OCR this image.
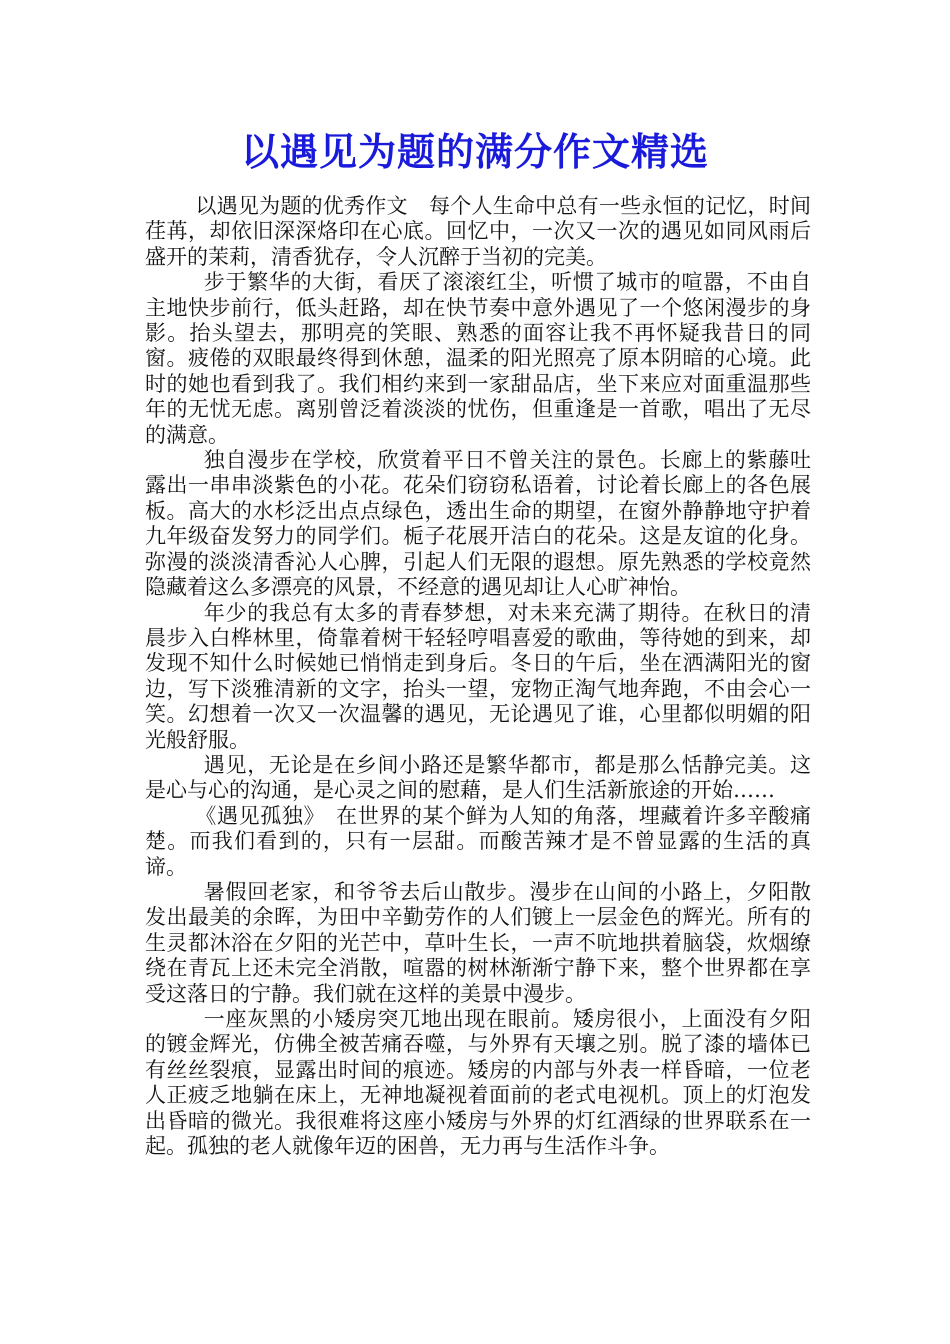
以遇见为题的满分作文精选

以遇见为题的优秀作文　每个人生命中总有一些永恒的记忆，时间荏苒，却依旧深深烙印在心底。回忆中，一次又一次的遇见如同风雨后盛开的茉莉，清香犹存，令人沉醉于当初的完美。

步于繁华的大街，看厌了滚滚红尘，听惯了城市的喧嚣，不由自主地快步前行，低头赶路，却在快节奏中意外遇见了一个悠闲漫步的身影。抬头望去，那明亮的笑眼、熟悉的面容让我不再怀疑我昔日的同窗。疲倦的双眼最终得到休憩，温柔的阳光照亮了原本阴暗的心境。此时的她也看到我了。我们相约来到一家甜品店，坐下来应对面重温那些年的无忧无虑。离别曾泛着淡淡的忧伤，但重逢是一首歌，唱出了无尽的满意。

独自漫步在学校，欣赏着平日不曾关注的景色。长廊上的紫藤吐露出一串串淡紫色的小花。花朵们窃窃私语着，讨论着长廊上的各色展板。高大的水杉泛出点点绿色，透出生命的期望，在窗外静静地守护着九年级奋发努力的同学们。栀子花展开洁白的花朵。这是友谊的化身。弥漫的淡淡清香沁人心脾，引起人们无限的遐想。原先熟悉的学校竟然隐藏着这么多漂亮的风景，不经意的遇见却让人心旷神怡。

年少的我总有太多的青春梦想，对未来充满了期待。在秋日的清晨步入白桦林里，倚靠着树干轻轻哼唱喜爱的歌曲，等待她的到来，却发现不知什么时候她已悄悄走到身后。冬日的午后，坐在洒满阳光的窗边，写下淡雅清新的文字，抬头一望，宠物正淘气地奔跑，不由会心一笑。幻想着一次又一次温馨的遇见，无论遇见了谁，心里都似明媚的阳光般舒服。

遇见，无论是在乡间小路还是繁华都市，都是那么恬静完美。这是心与心的沟通，是心灵之间的慰藉，是人们生活新旅途的开始……

《遇见孤独》　在世界的某个鲜为人知的角落，埋藏着许多辛酸痛楚。而我们看到的，只有一层甜。而酸苦辣才是不曾显露的生活的真谛。

暑假回老家，和爷爷去后山散步。漫步在山间的小路上，夕阳散发出最美的余晖，为田中辛勤劳作的人们镀上一层金色的辉光。所有的生灵都沐浴在夕阳的光芒中，草叶生长，一声不吭地拱着脑袋，炊烟缭绕在青瓦上还未完全消散，喧嚣的树林渐渐宁静下来，整个世界都在享受这落日的宁静。我们就在这样的美景中漫步。

一座灰黑的小矮房突兀地出现在眼前。矮房很小，上面没有夕阳的镀金辉光，仿佛全被苦痛吞噬，与外界有天壤之别。脱了漆的墙体已有丝丝裂痕，显露出时间的痕迹。矮房的内部与外表一样昏暗，一位老人正疲乏地躺在床上，无神地凝视着面前的老式电视机。顶上的灯泡发出昏暗的微光。我很难将这座小矮房与外界的灯红酒绿的世界联系在一起。孤独的老人就像年迈的困兽，无力再与生活作斗争。
